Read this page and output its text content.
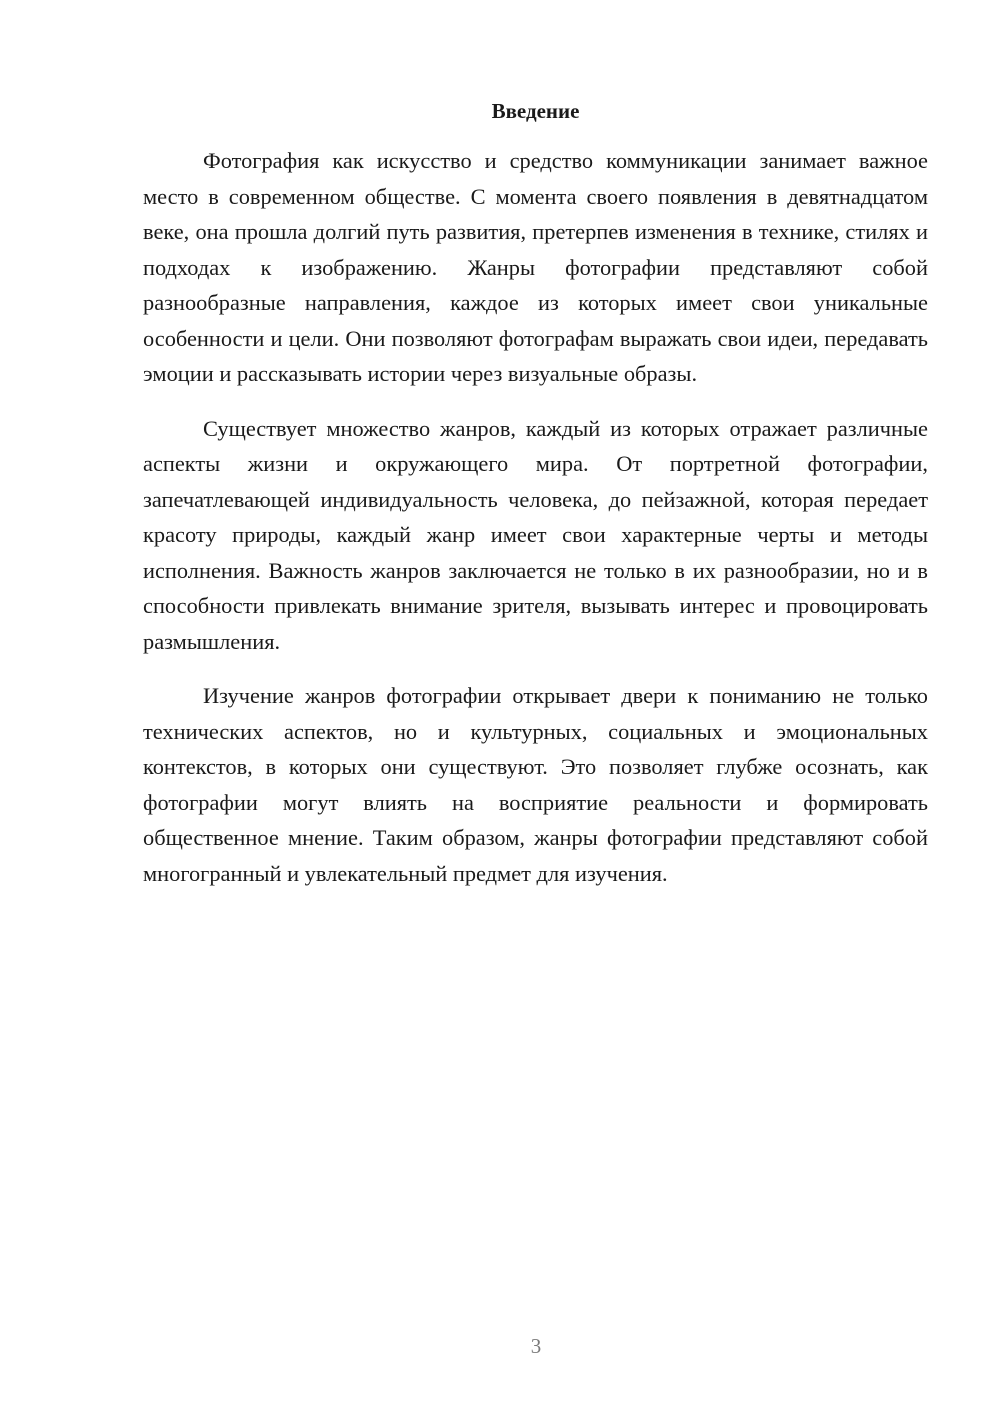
Введение

Фотография как искусство и средство коммуникации занимает важное место в современном обществе. С момента своего появления в девятнадцатом веке, она прошла долгий путь развития, претерпев изменения в технике, стилях и подходах к изображению. Жанры фотографии представляют собой разнообразные направления, каждое из которых имеет свои уникальные особенности и цели. Они позволяют фотографам выражать свои идеи, передавать эмоции и рассказывать истории через визуальные образы.

Существует множество жанров, каждый из которых отражает различные аспекты жизни и окружающего мира. От портретной фотографии, запечатлевающей индивидуальность человека, до пейзажной, которая передает красоту природы, каждый жанр имеет свои характерные черты и методы исполнения. Важность жанров заключается не только в их разнообразии, но и в способности привлекать внимание зрителя, вызывать интерес и провоцировать размышления.

Изучение жанров фотографии открывает двери к пониманию не только технических аспектов, но и культурных, социальных и эмоциональных контекстов, в которых они существуют. Это позволяет глубже осознать, как фотографии могут влиять на восприятие реальности и формировать общественное мнение. Таким образом, жанры фотографии представляют собой многогранный и увлекательный предмет для изучения.

3
